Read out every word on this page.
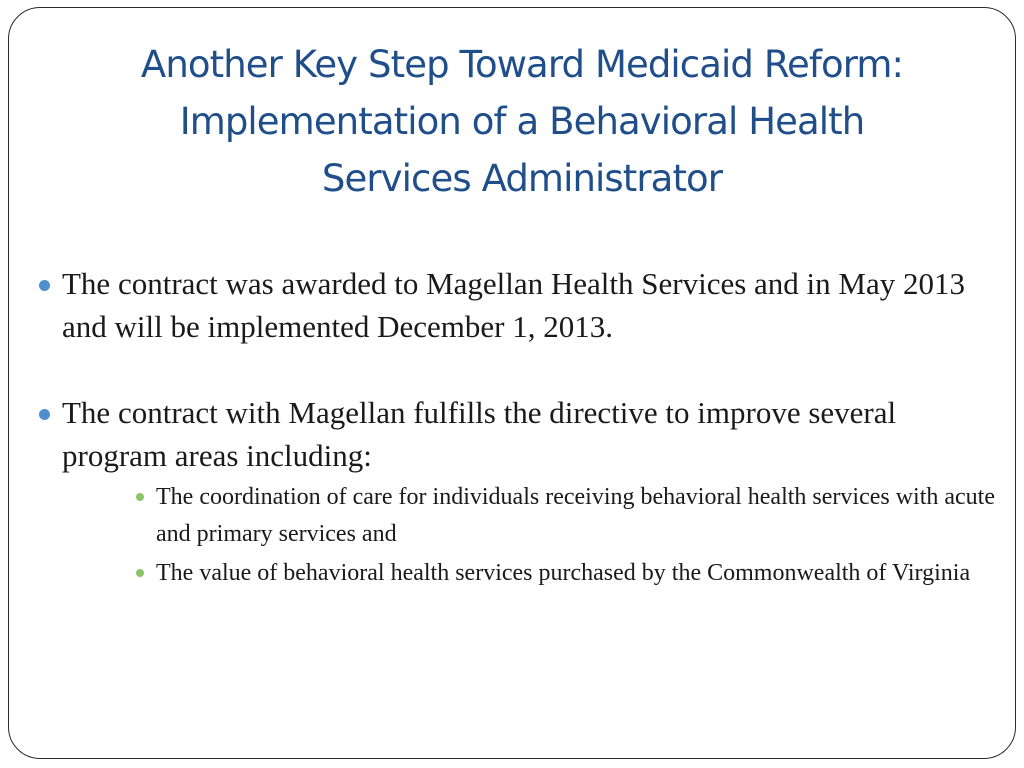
Another Key Step Toward Medicaid Reform:
Implementation of a Behavioral Health
Services Administrator
The contract was awarded to Magellan Health Services and in May 2013 and will be implemented December 1, 2013.
The contract with Magellan fulfills the directive to improve several program areas including:
The coordination of care for individuals receiving behavioral health services with acute and primary services and
The value of behavioral health services purchased by the Commonwealth of Virginia
